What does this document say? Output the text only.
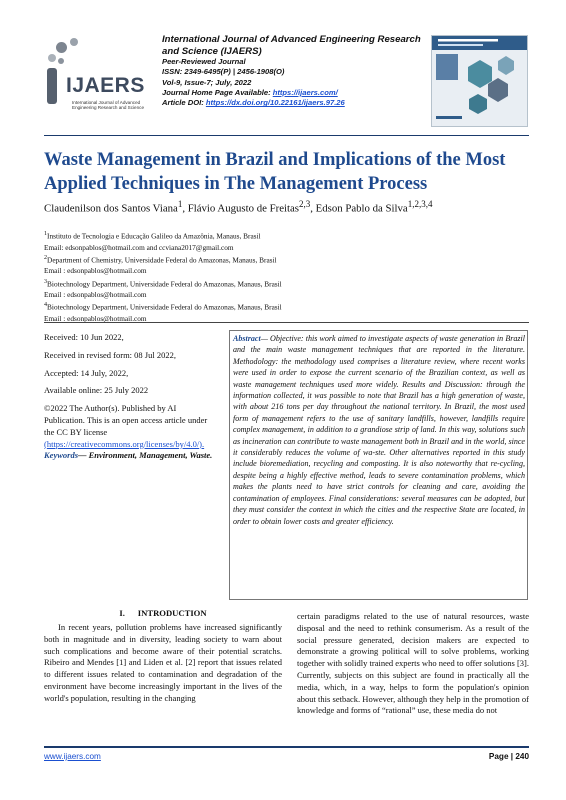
IJAERS
International Journal of Advanced Engineering Research and Science
International Journal of Advanced Engineering Research and Science (IJAERS)
Peer-Reviewed Journal
ISSN: 2349-6495(P) | 2456-1908(O)
Vol-9, Issue-7; July, 2022
Journal Home Page Available: https://ijaers.com/
Article DOI: https://dx.doi.org/10.22161/ijaers.97.26
Waste Management in Brazil and Implications of the Most Applied Techniques in The Management Process
Claudenilson dos Santos Viana$^1$, Flávio Augusto de Freitas$^{2,3}$, Edson Pablo da Silva$^{1,2,3,4}$
$^1$Instituto de Tecnologia e Educação Galileo da Amazônia, Manaus, Brasil
Email: edsonpablos@hotmail.com and ccviana2017@gmail.com
$^2$Department of Chemistry, Universidade Federal do Amazonas, Manaus, Brasil
Email : edsonpablos@hotmail.com
$^3$Biotechnology Department, Universidade Federal do Amazonas, Manaus, Brasil
Email : edsonpablos@hotmail.com
$^4$Biotechnology Department, Universidade Federal do Amazonas, Manaus, Brasil
Email : edsonpablos@hotmail.com
Received: 10 Jun 2022,
Received in revised form: 08 Jul 2022,
Accepted: 14 July, 2022,
Available online: 25 July 2022
©2022 The Author(s). Published by AI Publication. This is an open access article under the CC BY license
(https://creativecommons.org/licenses/by/4.0/).
Keywords— Environment, Management, Waste.

Abstract— Objective: this work aimed to investigate aspects of waste generation in Brazil and the main waste management techniques that are reported in the literature. Methodology: the methodology used comprises a literature review, where recent works were used in order to expose the current scenario of the Brazilian context, as well as waste management techniques used more widely. Results and Discussion: through the information collected, it was possible to note that Brazil has a high generation of waste, with about 216 tons per day throughout the national territory. In Brazil, the most used form of management refers to the use of sanitary landfills, however, landfills require complex management, in addition to a grandiose strip of land. In this way, solutions such as incineration can contribute to waste management both in Brazil and in the world, since it considerably reduces the volume of wa-ste. Other alternatives reported in this study include bioremediation, recycling and composting. It is also noteworthy that re-cycling, despite being a highly effective method, leads to severe contamination problems, which makes the plants need to have strict controls for cleaning and care, avoiding the contamination of employees. Final considerations: several measures can be adopted, but they must consider the context in which the cities and the respective State are located, in order to obtain lower costs and greater efficiency.

I.      INTRODUCTION

In recent years, pollution problems have increased significantly both in magnitude and in diversity, leading society to warn about such complications and become aware of their potential scratchs. Ribeiro and Mendes [1] and Liden et al. [2] report that issues related to different issues related to contamination and degradation of the environment have become increasingly important in the lives of the world's population, resulting in the changing

certain paradigms related to the use of natural resources, waste disposal and the need to rethink consumerism. As a result of the social pressure generated, decision makers are expected to demonstrate a growing political will to solve problems, working together with solidly trained experts who need to offer solutions [3]. Currently, subjects on this subject are found in practically all the media, which, in a way, helps to form the population's opinion about this setback. However, although they help in the promotion of knowledge and forms of “rational” use, these media do not

www.ijaers.com	Page | 240
